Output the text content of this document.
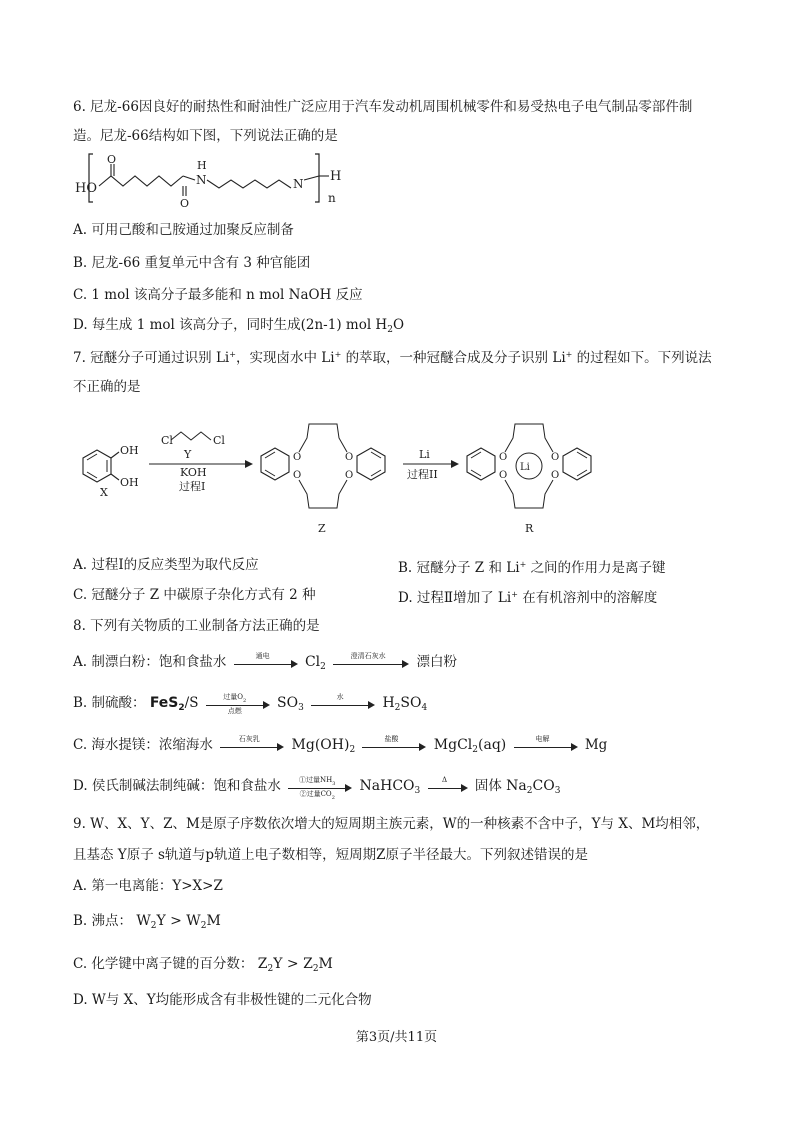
6. 尼龙-66因良好的耐热性和耐油性广泛应用于汽车发动机周围机械零件和易受热电子电气制品零部件制
造。尼龙-66结构如下图，下列说法正确的是
HO
O
O
N
H
N H
n
A. 可用己酸和己胺通过加聚反应制备
B. 尼龙-66 重复单元中含有 3 种官能团
C. 1 mol 该高分子最多能和 n mol NaOH 反应
D. 每生成 1 mol 该高分子，同时生成(2n-1) mol $H_2O$
7. 冠醚分子可通过识别 Li+，实现卤水中 Li+ 的萃取，一种冠醚合成及分子识别 Li+ 的过程如下。下列说法
不正确的是
OH
OH
X
Cl	Cl
Y
KOH
过程I
O
O
O
O
Z
Li
过程II
O
O
O
O
Li
R
A. 过程Ⅰ的反应类型为取代反应	B. 冠醚分子 Z 和 Li+ 之间的作用力是离子键
C. 冠醚分子 Z 中碳原子杂化方式有 2 种	D. 过程Ⅱ增加了 Li+ 在有机溶剂中的溶解度
8. 下列有关物质的工业制备方法正确的是
A. 制漂白粉：饱和食盐水	通电	$Cl_2$
澄清石灰水	漂白粉
B. 制硫酸： FeS$_2$/S	过量$O_2$
点燃	$SO_3$
水	$H_2SO_4$
C. 海水提镁：浓缩海水	石灰乳	$Mg(OH)_2$
盐酸	MgCl$_2$(aq)	电解	Mg
D. 侯氏制碱法制纯碱：饱和食盐水	①过量$NH_3$
②过量$CO_2$
NaHCO$_3$
Δ	固体 $Na_2CO_3$
9. W、X、Y、Z、M是原子序数依次增大的短周期主族元素，W的一种核素不含中子，Y与 X、M均相邻，
且基态 Y原子 s轨道与p轨道上电子数相等，短周期Z原子半径最大。下列叙述错误的是
A. 第一电离能：Y>X>Z
B. 沸点： $W_2Y > W_2M$
C. 化学键中离子键的百分数： $Z_2Y > Z_2M$
D. W与 X、Y均能形成含有非极性键的二元化合物
第3页/共11页
